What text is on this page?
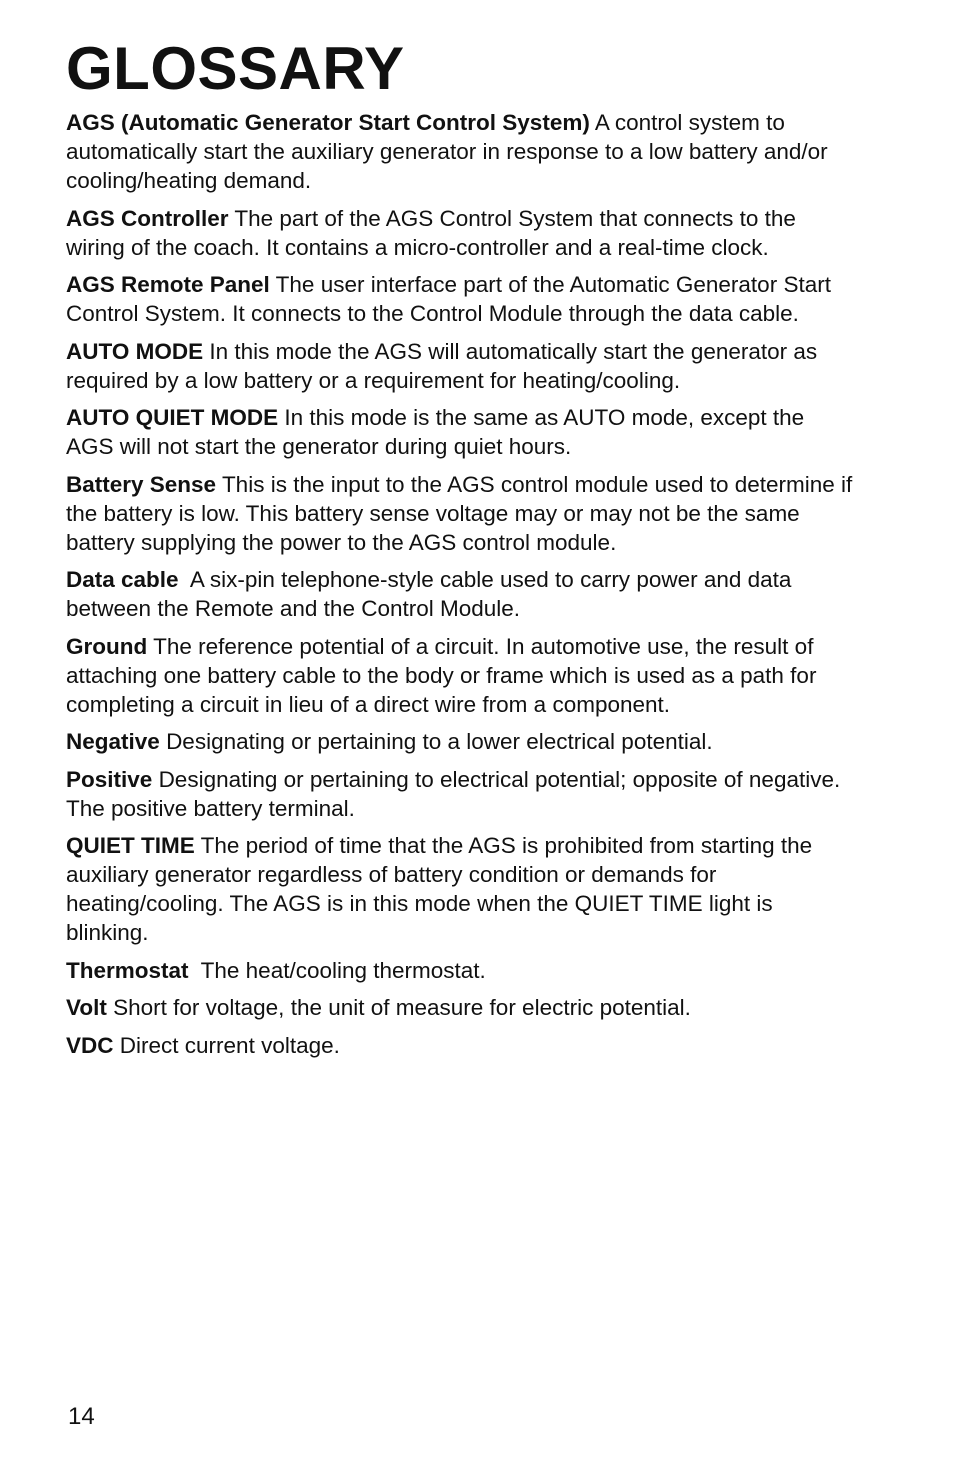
GLOSSARY

AGS (Automatic Generator Start Control System) A control system to automatically start the auxiliary generator in response to a low battery and/or cooling/heating demand.

AGS Controller The part of the AGS Control System that connects to the wiring of the coach. It contains a micro-controller and a real-time clock.

AGS Remote Panel The user interface part of the Automatic Generator Start Control System. It connects to the Control Module through the data cable.

AUTO MODE In this mode the AGS will automatically start the generator as required by a low battery or a requirement for heating/cooling.

AUTO QUIET MODE In this mode is the same as AUTO mode, except the AGS will not start the generator during quiet hours.

Battery Sense This is the input to the AGS control module used to determine if the battery is low. This battery sense voltage may or may not be the same battery supplying the power to the AGS control module.

Data cable A six-pin telephone-style cable used to carry power and data between the Remote and the Control Module.

Ground The reference potential of a circuit. In automotive use, the result of attaching one battery cable to the body or frame which is used as a path for completing a circuit in lieu of a direct wire from a component.

Negative Designating or pertaining to a lower electrical potential.

Positive Designating or pertaining to electrical potential; opposite of negative. The positive battery terminal.

QUIET TIME The period of time that the AGS is prohibited from starting the auxiliary generator regardless of battery condition or demands for heating/cooling. The AGS is in this mode when the QUIET TIME light is blinking.

Thermostat The heat/cooling thermostat.

Volt Short for voltage, the unit of measure for electric potential.

VDC Direct current voltage.

14
